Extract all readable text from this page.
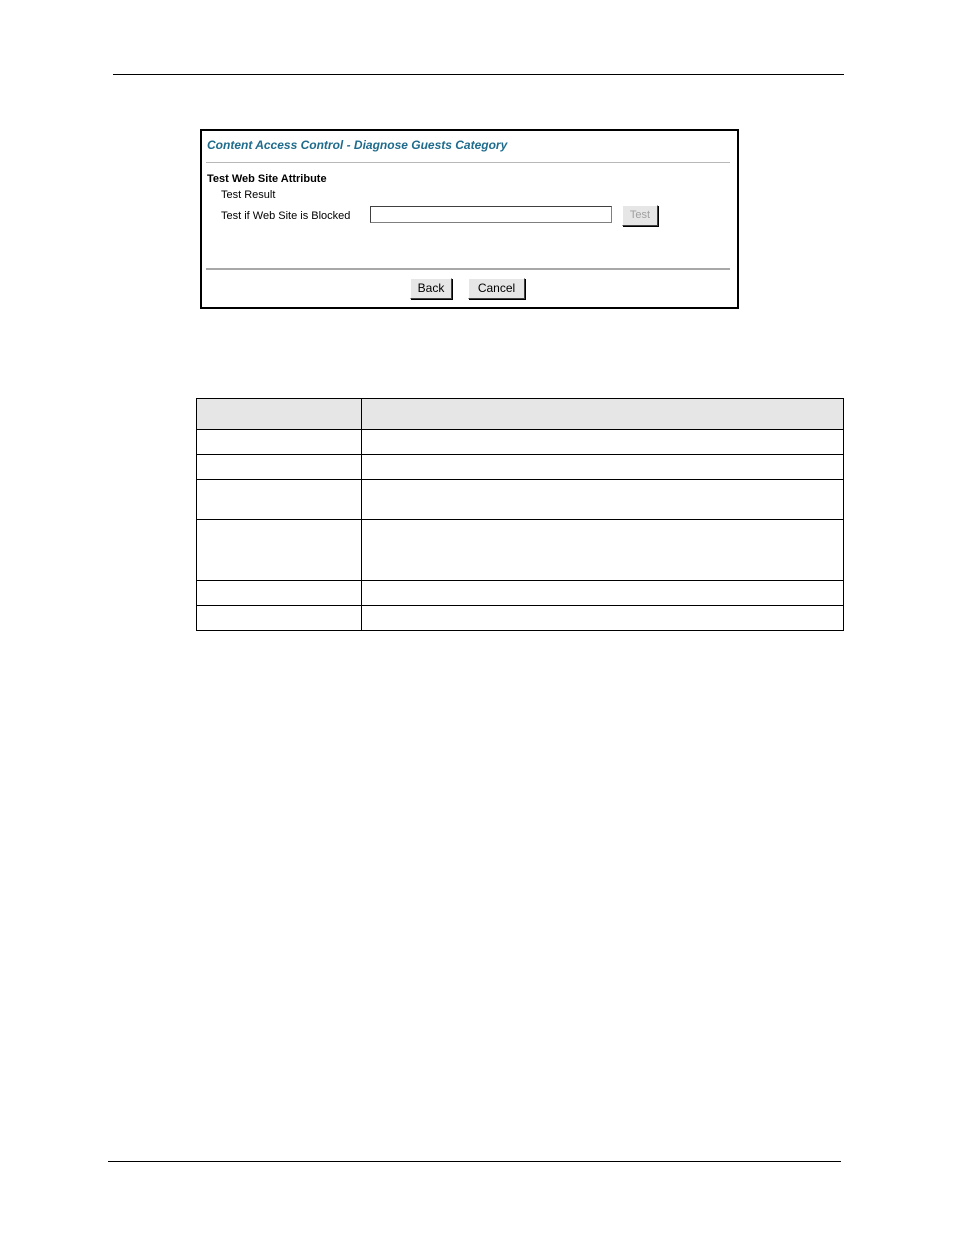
Content Access Control - Diagnose Guests Category
Test Web Site Attribute
Test Result
Test if Web Site is Blocked	Test
Back	Cancel
